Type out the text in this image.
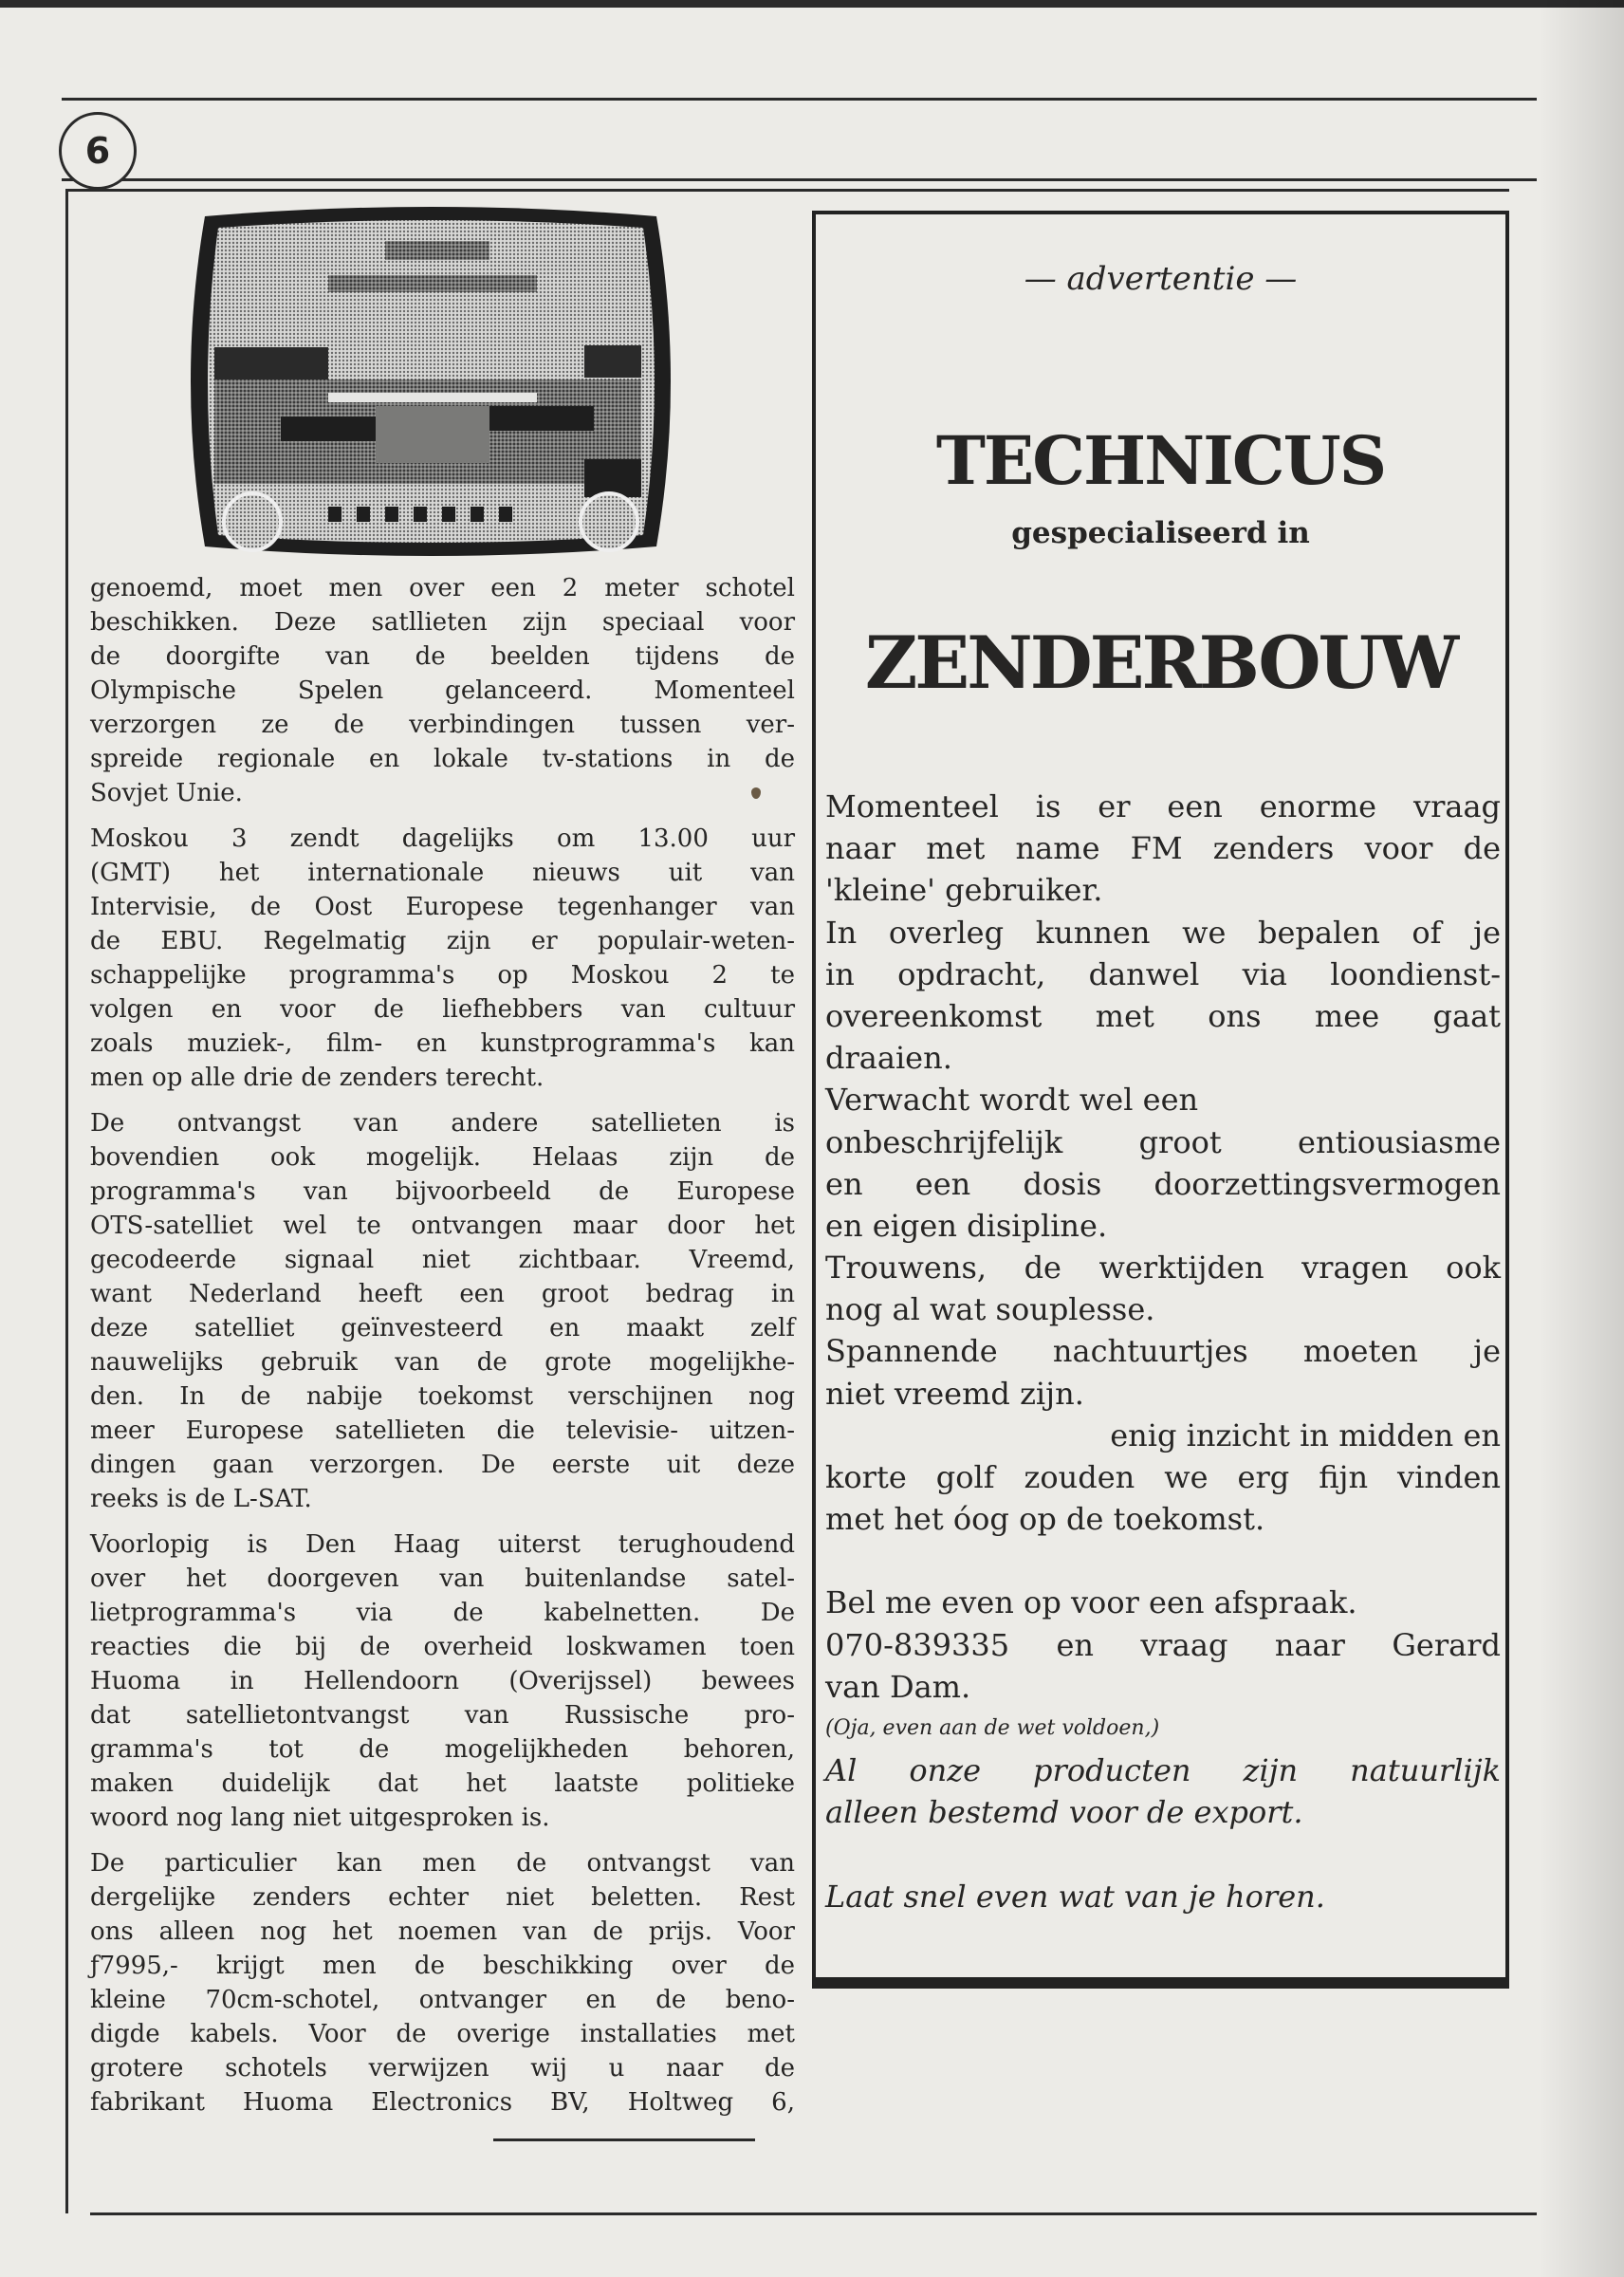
6
genoemd, moet men over een 2 meter schotel
beschikken. Deze satllieten zijn speciaal voor
de doorgifte van de beelden tijdens de
Olympische Spelen gelanceerd. Momenteel
verzorgen ze de verbindingen tussen ver-
spreide regionale en lokale tv-stations in de
Sovjet Unie.
Moskou 3 zendt dagelijks om 13.00 uur
(GMT) het internationale nieuws uit van
Intervisie, de Oost Europese tegenhanger van
de EBU. Regelmatig zijn er populair-weten-
schappelijke programma's op Moskou 2 te
volgen en voor de liefhebbers van cultuur
zoals muziek-, film- en kunstprogramma's kan
men op alle drie de zenders terecht.
De ontvangst van andere satellieten is
bovendien ook mogelijk. Helaas zijn de
programma's van bijvoorbeeld de Europese
OTS-satelliet wel te ontvangen maar door het
gecodeerde signaal niet zichtbaar. Vreemd,
want Nederland heeft een groot bedrag in
deze satelliet geïnvesteerd en maakt zelf
nauwelijks gebruik van de grote mogelijkhe-
den. In de nabije toekomst verschijnen nog
meer Europese satellieten die televisie- uitzen-
dingen gaan verzorgen. De eerste uit deze
reeks is de L-SAT.
Voorlopig is Den Haag uiterst terughoudend
over het doorgeven van buitenlandse satel-
lietprogramma's via de kabelnetten. De
reacties die bij de overheid loskwamen toen
Huoma in Hellendoorn (Overijssel) bewees
dat satellietontvangst van Russische pro-
gramma's tot de mogelijkheden behoren,
maken duidelijk dat het laatste politieke
woord nog lang niet uitgesproken is.
De particulier kan men de ontvangst van
dergelijke zenders echter niet beletten. Rest
ons alleen nog het noemen van de prijs. Voor
ƒ7995,- krijgt men de beschikking over de
kleine 70cm-schotel, ontvanger en de beno-
digde kabels. Voor de overige installaties met
grotere schotels verwijzen wij u naar de
fabrikant Huoma Electronics BV, Holtweg 6,
— advertentie —
TECHNICUS
gespecialiseerd in
ZENDERBOUW
Momenteel is er een enorme vraag
naar met name FM zenders voor de
'kleine' gebruiker.
In overleg kunnen we bepalen of je
in opdracht, danwel via loondienst-
overeenkomst met ons mee gaat
draaien.
Verwacht wordt wel een
onbeschrijfelijk groot entiousiasme
en een dosis doorzettingsvermogen
en eigen disipline.
Trouwens, de werktijden vragen ook
nog al wat souplesse.
Spannende nachtuurtjes moeten je
niet vreemd zijn.
enig inzicht in midden en
korte golf zouden we erg fijn vinden
met het óog op de toekomst.
Bel me even op voor een afspraak.
070-839335 en vraag naar Gerard
van Dam.
(Oja, even aan de wet voldoen,)
Al onze producten zijn natuurlijk
alleen bestemd voor de export.
Laat snel even wat van je horen.
